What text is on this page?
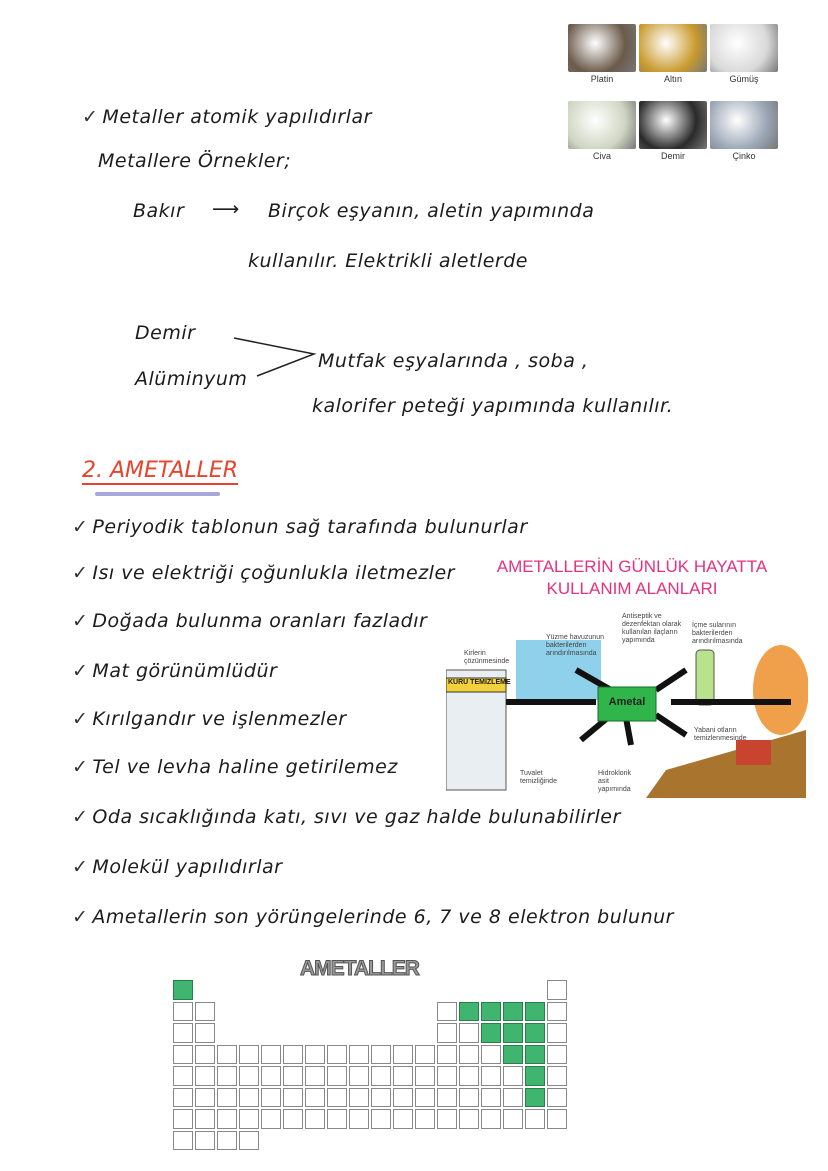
Platin	Altın	Gümüş
Civa	Demir	Çinko
✓ Metaller atomik yapılıdırlar
Metallere Örnekler;
Bakır ⟶ Birçok eşyanın, aletin yapımında
kullanılır. Elektrikli aletlerde
Demir
Alüminyum
Mutfak eşyalarında , soba ,
kalorifer peteği yapımında kullanılır.
2. AMETALLER
✓ Periyodik tablonun sağ tarafında bulunurlar
✓ Isı ve elektriği çoğunlukla iletmezler
✓ Doğada bulunma oranları fazladır
✓ Mat görünümlüdür
✓ Kırılgandır ve işlenmezler
✓ Tel ve levha haline getirilemez
✓ Oda sıcaklığında katı, sıvı ve gaz halde bulunabilirler
✓ Molekül yapılıdırlar
✓ Ametallerin son yörüngelerinde 6, 7 ve 8 elektron bulunur
AMETALLERİN GÜNLÜK HAYATTA
KULLANIM ALANLARI
KURU TEMİZLEME
Ametal
Kirlerin çözünmesinde
Yüzme havuzunun bakterilerden arındırılmasında
Antiseptik ve dezenfektan olarak kullanılan ilaçların yapımında
İçme sularının bakterilerden arındırılmasında
Yabani otların temizlenmesinde
Tuvalet temizliğinde
Hidroklorik asit yapımında
AMETALLER
